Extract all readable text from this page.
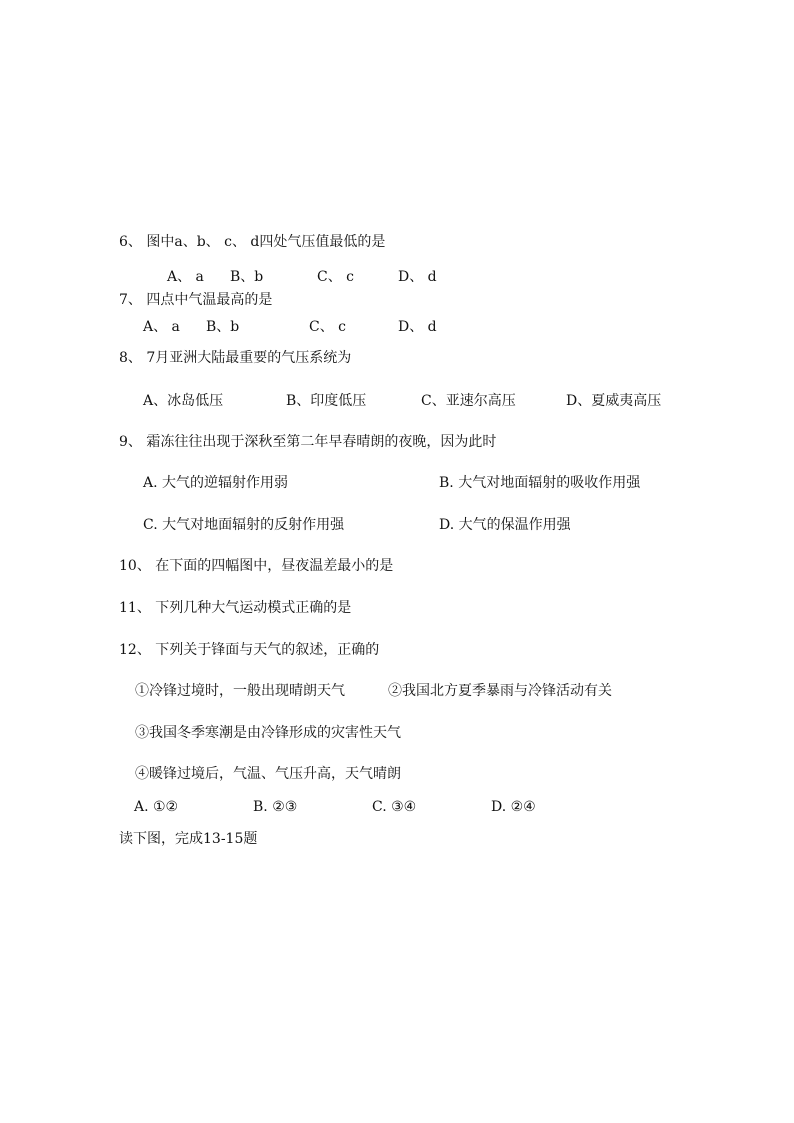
6、 图中a、b、 c、 d四处气压值最低的是
A、 a B、b	C、 c	D、 d
7、 四点中气温最高的是
A、 a B、b	C、 c	D、 d
8、 7月亚洲大陆最重要的气压系统为
A、冰岛低压	B、印度低压	C、亚速尔高压	D、夏威夷高压
9、 霜冻往往出现于深秋至第二年早春晴朗的夜晚，因为此时
A. 大气的逆辐射作用弱	B. 大气对地面辐射的吸收作用强
C. 大气对地面辐射的反射作用强	D. 大气的保温作用强
10、 在下面的四幅图中，昼夜温差最小的是
11、 下列几种大气运动模式正确的是
12、 下列关于锋面与天气的叙述，正确的
①冷锋过境时，一般出现晴朗天气	②我国北方夏季暴雨与冷锋活动有关
③我国冬季寒潮是由冷锋形成的灾害性天气
④暖锋过境后，气温、气压升高，天气晴朗
A. ①②	B. ②③	C. ③④	D. ②④
读下图，完成13-15题
